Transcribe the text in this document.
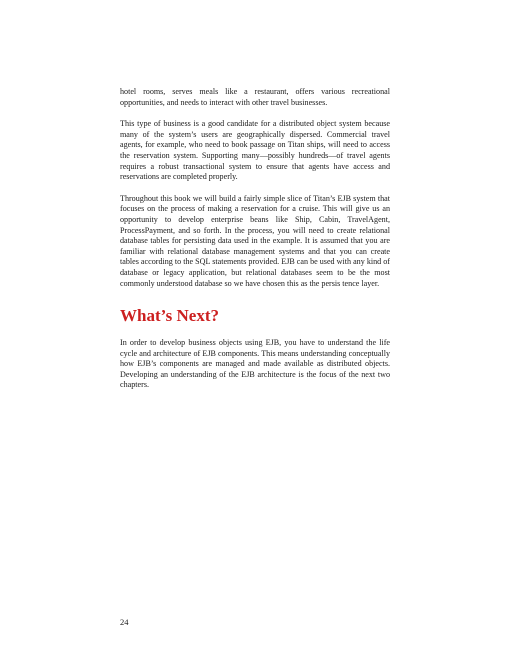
hotel rooms, serves meals like a restaurant, offers various recreational opportunities, and needs to interact with other travel businesses.

This type of business is a good candidate for a distributed object system because many of the system’s users are geographically dispersed. Commercial travel agents, for example, who need to book passage on Titan ships, will need to access the reservation system. Supporting many—possibly hundreds—of travel agents requires a robust transactional system to ensure that agents have access and reservations are completed properly.

Throughout this book we will build a fairly simple slice of Titan’s EJB system that focuses on the process of making a reservation for a cruise. This will give us an opportunity to develop enterprise beans like Ship, Cabin, TravelAgent, ProcessPayment, and so forth. In the process, you will need to create relational database tables for persisting data used in the example. It is assumed that you are familiar with relational database management systems and that you can create tables according to the SQL statements provided. EJB can be used with any kind of database or legacy application, but relational databases seem to be the most commonly understood database so we have chosen this as the persis tence layer.

What’s Next?

In order to develop business objects using EJB, you have to understand the life cycle and architecture of EJB components. This means understanding conceptually how EJB’s components are managed and made available as distributed objects. Developing an understanding of the EJB architecture is the focus of the next two chapters.

24
